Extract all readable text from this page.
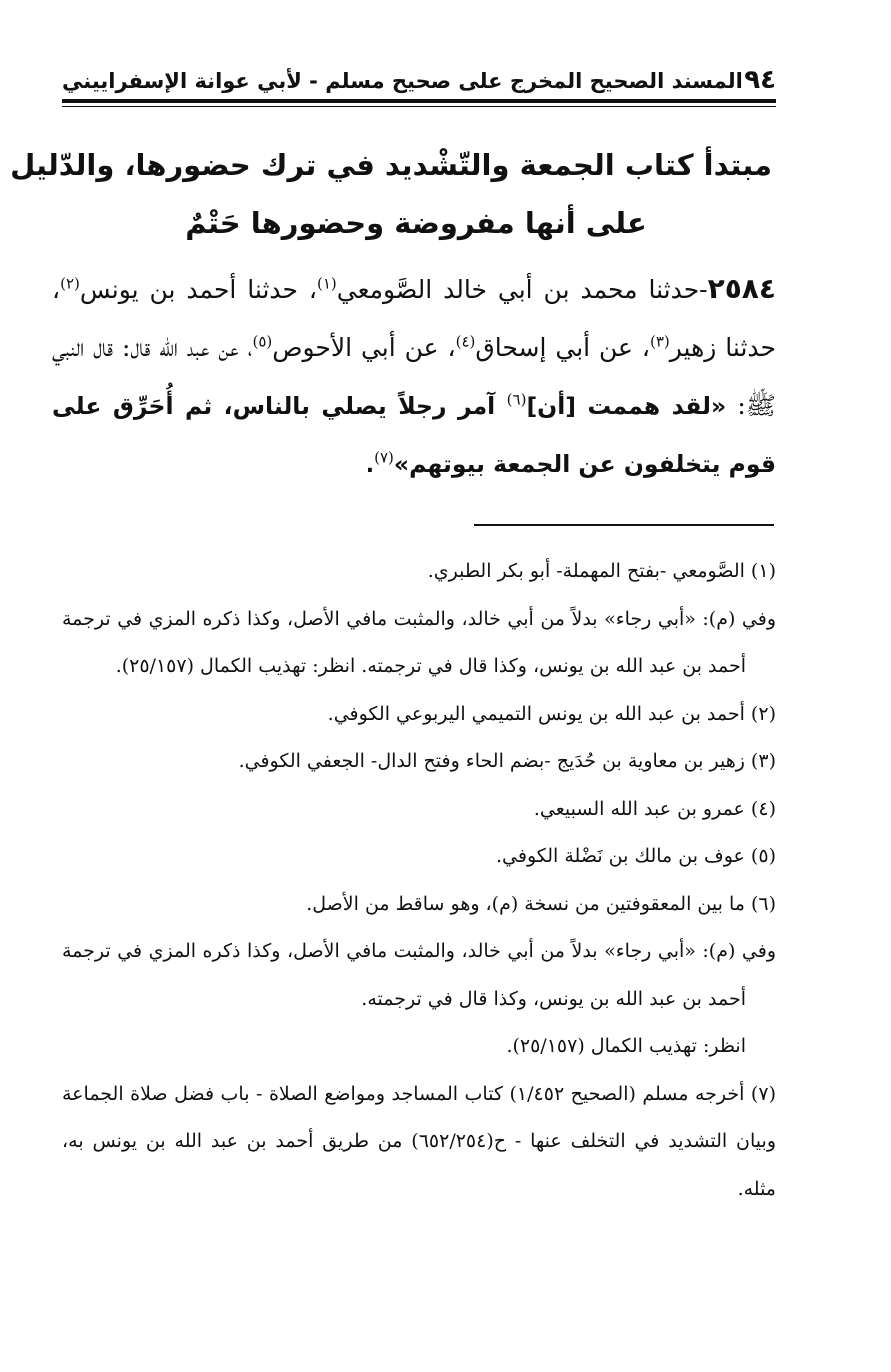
٩٤
المسند الصحيح المخرج على صحيح مسلم - لأبي عوانة الإسفراييني
مبتدأ كتاب الجمعة والتّشْديد في ترك حضورها، والدّليل
على أنها مفروضة وحضورها حَتْمٌ
٢٥٨٤-حدثنا محمد بن أبي خالد الصَّومعي$^{(١)}$، حدثنا أحمد بن يونس$^{(٢)}$، حدثنا زهير$^{(٣)}$، عن أبي إسحاق$^{(٤)}$، عن أبي الأحوص$^{(٥)}$، عن عبد الله قال: قال النبي ﷺ: «لقد هممت [أن]$^{(٦)}$ آمر رجلاً يصلي بالناس، ثم أُحَرِّق على قوم يتخلفون عن الجمعة بيوتهم»$^{(٧)}$.

(١) الصَّومعي -بفتح المهملة- أبو بكر الطبري.

وفي (م): «أبي رجاء» بدلاً من أبي خالد، والمثبت مافي الأصل، وكذا ذكره المزي في ترجمة أحمد بن عبد الله بن يونس، وكذا قال في ترجمته. انظر: تهذيب الكمال (٢٥/١٥٧).

(٢) أحمد بن عبد الله بن يونس التميمي اليربوعي الكوفي.

(٣) زهير بن معاوية بن حُدَيج -بضم الحاء وفتح الدال- الجعفي الكوفي.

(٤) عمرو بن عبد الله السبيعي.

(٥) عوف بن مالك بن نَضْلة الكوفي.

(٦) ما بين المعقوفتين من نسخة (م)، وهو ساقط من الأصل.

وفي (م): «أبي رجاء» بدلاً من أبي خالد، والمثبت مافي الأصل، وكذا ذكره المزي في ترجمة أحمد بن عبد الله بن يونس، وكذا قال في ترجمته.

انظر: تهذيب الكمال (٢٥/١٥٧).

(٧) أخرجه مسلم (الصحيح ١/٤٥٢) كتاب المساجد ومواضع الصلاة - باب فضل صلاة الجماعة وبيان التشديد في التخلف عنها - ح(٦٥٢/٢٥٤) من طريق أحمد بن عبد الله بن يونس به، مثله.
